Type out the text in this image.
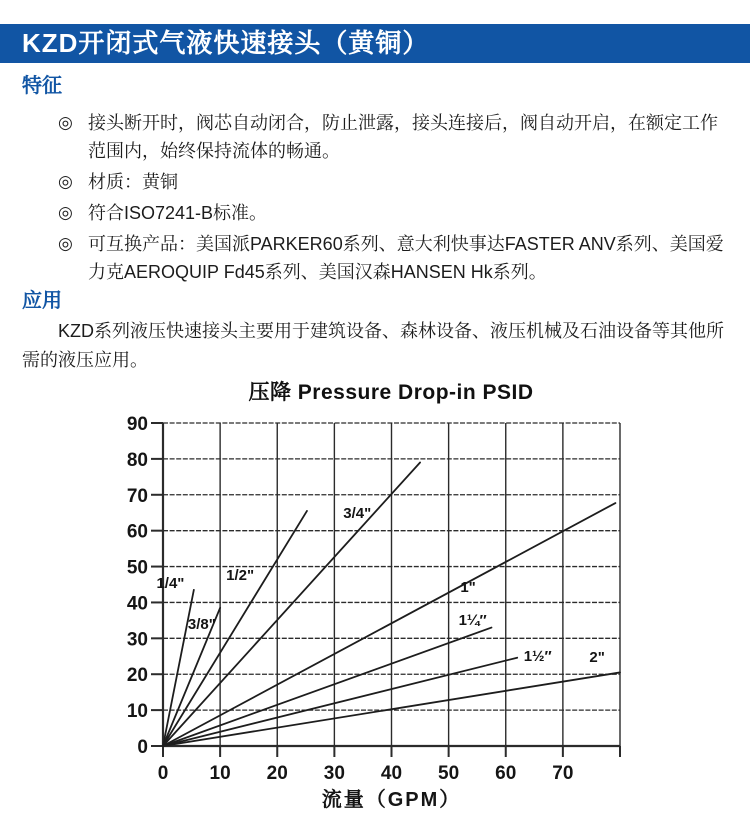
KZD开闭式气液快速接头（黄铜）
特征
◎ 接头断开时，阀芯自动闭合，防止泄露，接头连接后，阀自动开启，在额定工作范围内，始终保持流体的畅通。
◎ 材质：黄铜
◎ 符合ISO7241-B标准。
◎ 可互换产品：美国派PARKER60系列、意大利快事达FASTER ANV系列、美国爱力克AEROQUIP Fd45系列、美国汉森HANSEN Hk系列。
应用
KZD系列液压快速接头主要用于建筑设备、森林设备、液压机械及石油设备等其他所需的液压应用。
压降 Pressure Drop-in PSID
0 10 20 30 40 50 60 70
0
10
20
30
40
50
60
70
80
90
1/4"
3/8"
1/2"
3/4"
1"
1¼″
1½″	2"
流量（GPM）
